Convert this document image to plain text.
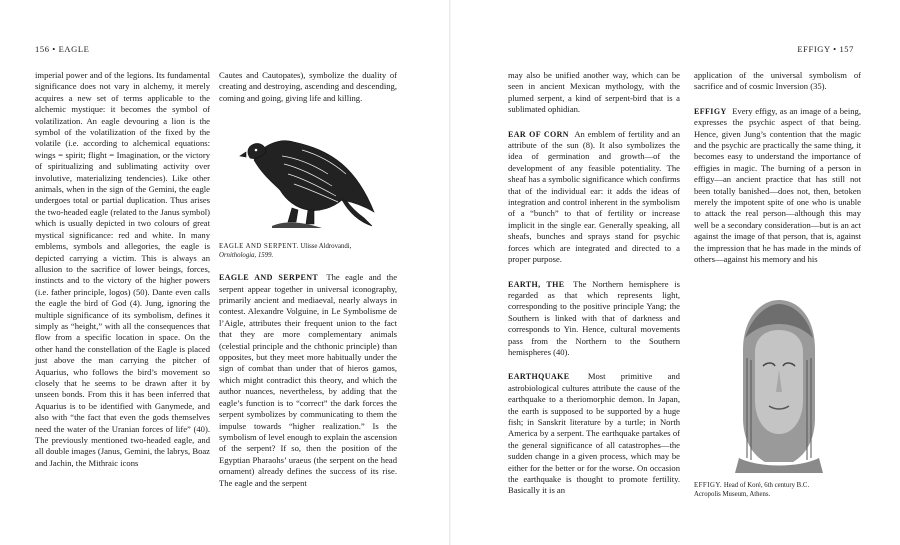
156 • EAGLE	EFFIGY • 157

imperial power and of the legions. Its fundamental significance does not vary in alchemy, it merely acquires a new set of terms applicable to the alchemic mystique: it becomes the symbol of volatilization. An eagle devouring a lion is the symbol of the volatilization of the fixed by the volatile (i.e. according to alchemical equations: wings = spirit; flight = Imagination, or the victory of spiritualizing and sublimating activity over involutive, materializing tendencies). Like other animals, when in the sign of the Gemini, the eagle undergoes total or partial duplication. Thus arises the two-headed eagle (related to the Janus symbol) which is usually depicted in two colours of great mystical significance: red and white. In many emblems, symbols and allegories, the eagle is depicted carrying a victim. This is always an allusion to the sacrifice of lower beings, forces, instincts and to the victory of the higher powers (i.e. father principle, logos) (50). Dante even calls the eagle the bird of God (4). Jung, ignoring the multiple significance of its symbolism, defines it simply as “height,” with all the consequences that flow from a specific location in space. On the other hand the constellation of the Eagle is placed just above the man carrying the pitcher of Aquarius, who follows the bird’s movement so closely that he seems to be drawn after it by unseen bonds. From this it has been inferred that Aquarius is to be identified with Ganymede, and also with “the fact that even the gods themselves need the water of the Uranian forces of life” (40). The previously mentioned two-headed eagle, and all double images (Janus, Gemini, the labrys, Boaz and Jachin, the Mithraic icons

Cautes and Cautopates), symbolize the duality of creating and destroying, ascending and descending, coming and going, giving life and killing.

EAGLE AND SERPENT. Ulisse Aldrovandi,
Ornithologia, 1599.

EAGLE AND SERPENT The eagle and the serpent appear together in universal iconography, primarily ancient and mediaeval, nearly always in contest. Alexandre Volguine, in Le Symbolisme de l’Aigle, attributes their frequent union to the fact that they are more complementary animals (celestial principle and the chthonic principle) than opposites, but they meet more habitually under the sign of combat than under that of hieros gamos, which might contradict this theory, and which the author nuances, nevertheless, by adding that the eagle’s function is to “correct” the dark forces the serpent symbolizes by communicating to them the impulse towards “higher realization.” Is the symbolism of level enough to explain the ascension of the serpent? If so, then the position of the Egyptian Pharaohs’ uraeus (the serpent on the head ornament) already defines the success of its rise. The eagle and the serpent

may also be unified another way, which can be seen in ancient Mexican mythology, with the plumed serpent, a kind of serpent-bird that is a sublimated ophidian.

EAR OF CORN An emblem of fertility and an attribute of the sun (8). It also symbolizes the idea of germination and growth—of the development of any feasible potentiality. The sheaf has a symbolic significance which confirms that of the individual ear: it adds the ideas of integration and control inherent in the symbolism of a “bunch” to that of fertility or increase implicit in the single ear. Generally speaking, all sheafs, bunches and sprays stand for psychic forces which are integrated and directed to a proper purpose.

EARTH, THE The Northern hemisphere is regarded as that which represents light, corresponding to the positive principle Yang; the Southern is linked with that of darkness and corresponds to Yin. Hence, cultural movements pass from the Northern to the Southern hemispheres (40).

EARTHQUAKE Most primitive and astrobiological cultures attribute the cause of the earthquake to a theriomorphic demon. In Japan, the earth is supposed to be supported by a huge fish; in Sanskrit literature by a turtle; in North America by a serpent. The earthquake partakes of the general significance of all catastrophes—the sudden change in a given process, which may be either for the better or for the worse. On occasion the earthquake is thought to promote fertility. Basically it is an

application of the universal symbolism of sacrifice and of cosmic Inversion (35).

EFFIGY Every effigy, as an image of a being, expresses the psychic aspect of that being. Hence, given Jung’s contention that the magic and the psychic are practically the same thing, it becomes easy to understand the importance of effigies in magic. The burning of a person in effigy—an ancient practice that has still not been totally banished—does not, then, betoken merely the impotent spite of one who is unable to attack the real person—although this may well be a secondary consideration—but is an act against the image of that person, that is, against the impression that he has made in the minds of others—against his memory and his

EFFIGY. Head of Koré, 6th century B.C.
Acropolis Museum, Athens.
